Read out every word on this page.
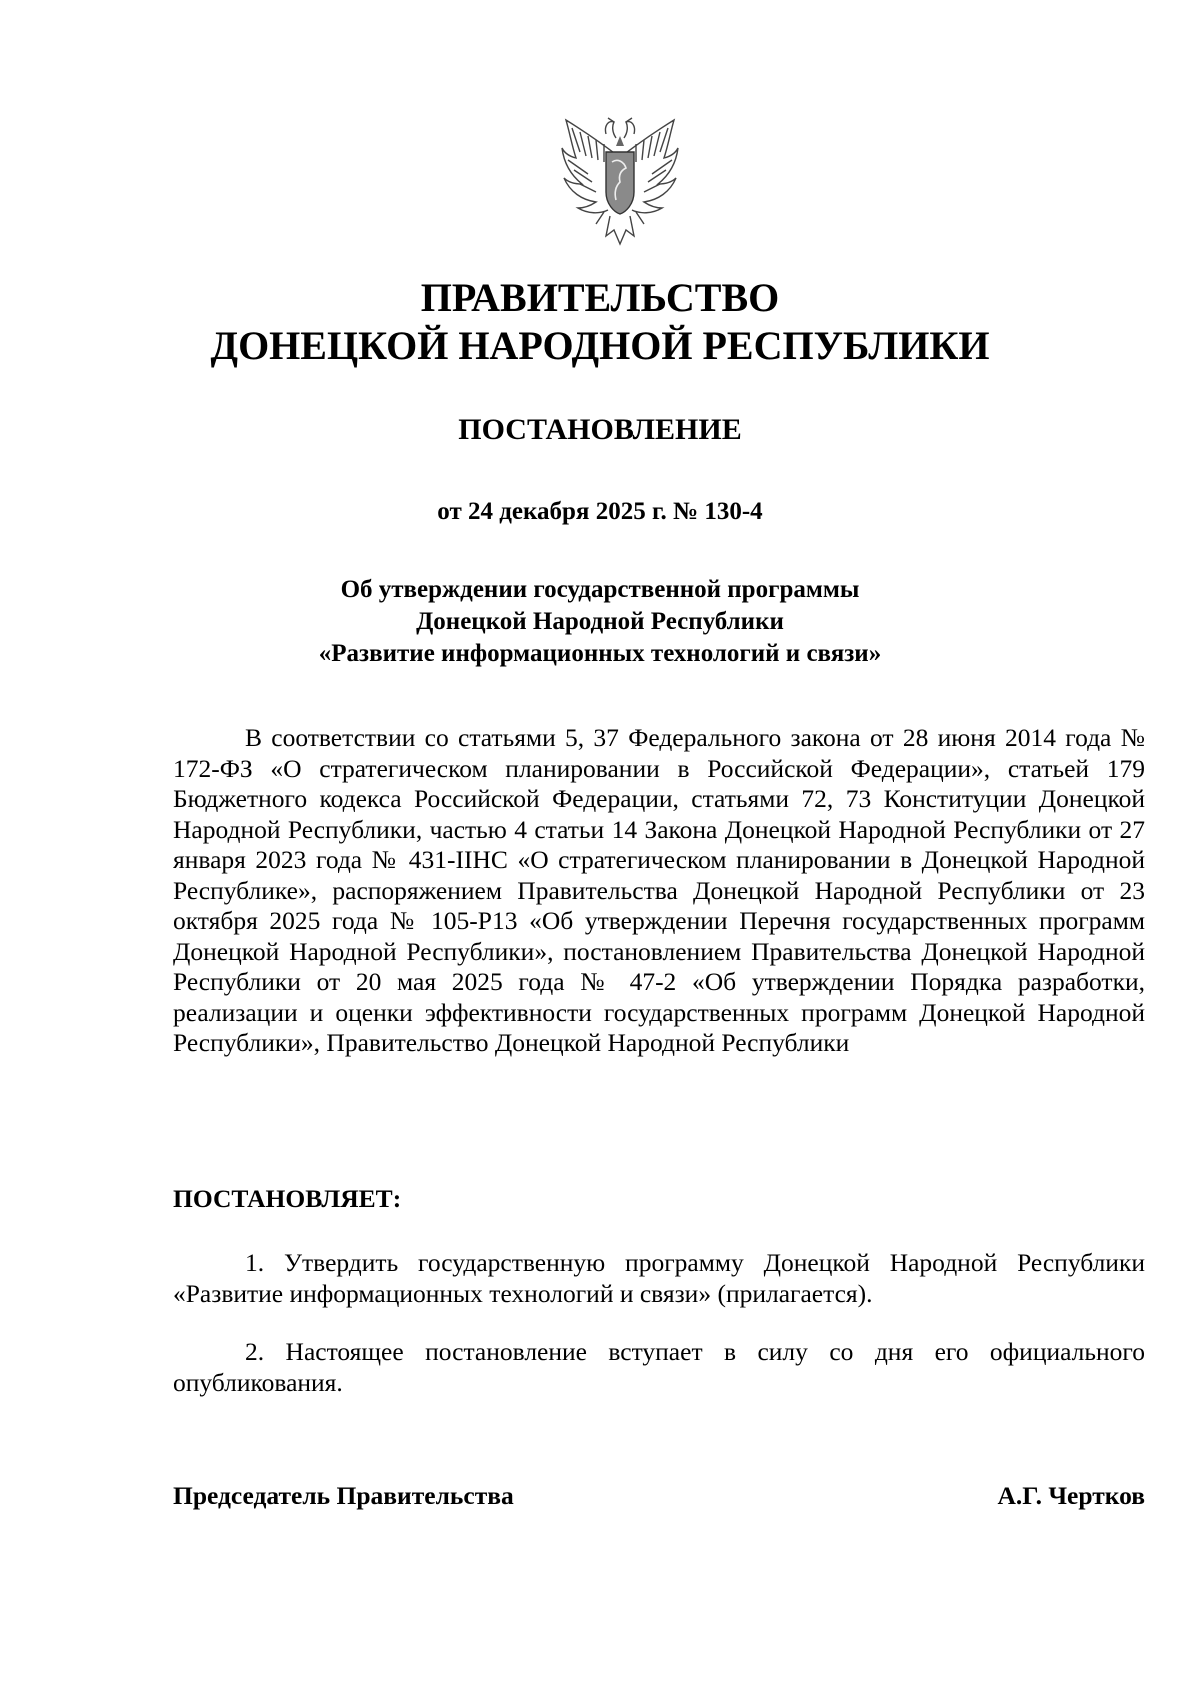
ПРАВИТЕЛЬСТВО
ДОНЕЦКОЙ НАРОДНОЙ РЕСПУБЛИКИ
ПОСТАНОВЛЕНИЕ
от 24 декабря 2025 г. № 130-4
Об утверждении государственной программы
Донецкой Народной Республики
«Развитие информационных технологий и связи»

В соответствии со статьями 5, 37 Федерального закона от 28 июня 2014 года № 172-ФЗ «О стратегическом планировании в Российской Федерации», статьей 179 Бюджетного кодекса Российской Федерации, статьями 72, 73 Конституции Донецкой Народной Республики, частью 4 статьи 14 Закона Донецкой Народной Республики от 27 января 2023 года № 431-IIНС «О стратегическом планировании в Донецкой Народной Республике», распоряжением Правительства Донецкой Народной Республики от 23 октября 2025 года № 105-Р13 «Об утверждении Перечня государственных программ Донецкой Народной Республики», постановлением Правительства Донецкой Народной Республики от 20 мая 2025 года № 47-2 «Об утверждении Порядка разработки, реализации и оценки эффективности государственных программ Донецкой Народной Республики», Правительство Донецкой Народной Республики

ПОСТАНОВЛЯЕТ:

1. Утвердить государственную программу Донецкой Народной Республики «Развитие информационных технологий и связи» (прилагается).

2. Настоящее постановление вступает в силу со дня его официального опубликования.

Председатель Правительства	А.Г. Чертков
